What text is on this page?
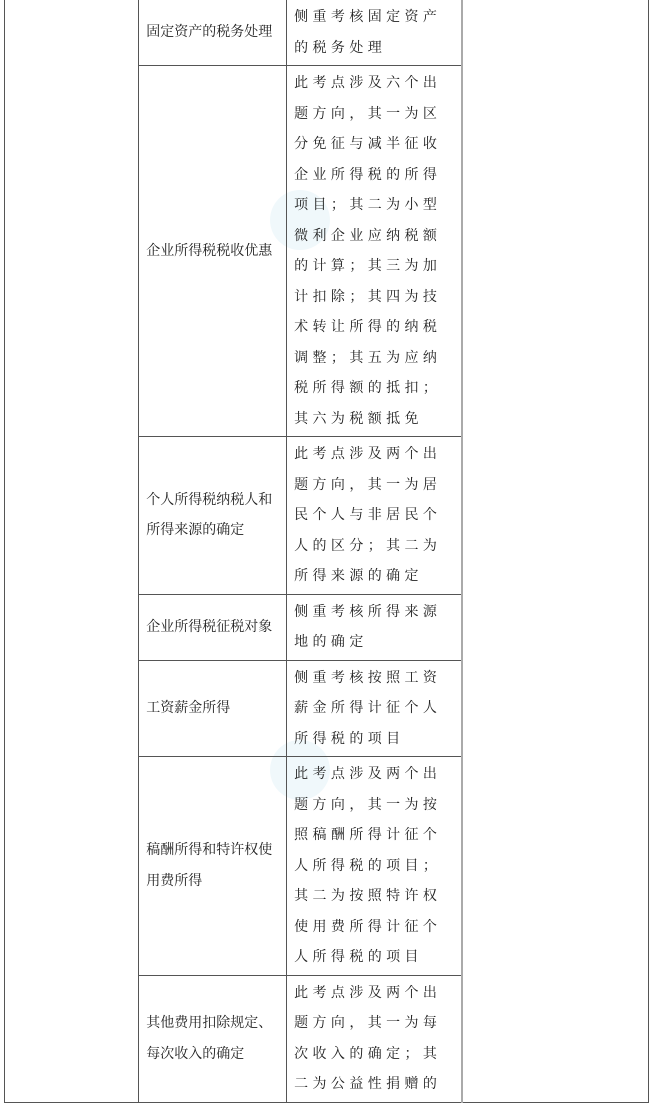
	固定资产的税务处理	侧重考核固定资产的税务处理	
	企业所得税税收优惠	此考点涉及六个出题方向，其一为区分免征与减半征收企业所得税的所得项目；其二为小型微利企业应纳税额的计算；其三为加计扣除；其四为技术转让所得的纳税调整；其五为应纳税所得额的抵扣；其六为税额抵免	
	个人所得税纳税人和所得来源的确定	此考点涉及两个出题方向，其一为居民个人与非居民个人的区分；其二为所得来源的确定	
	企业所得税征税对象	侧重考核所得来源地的确定	
	工资薪金所得	侧重考核按照工资薪金所得计征个人所得税的项目	
	稿酬所得和特许权使用费所得	此考点涉及两个出题方向，其一为按照稿酬所得计征个人所得税的项目；其二为按照特许权使用费所得计征个人所得税的项目	
	其他费用扣除规定、每次收入的确定	此考点涉及两个出题方向，其一为每次收入的确定；其二为公益性捐赠的	
